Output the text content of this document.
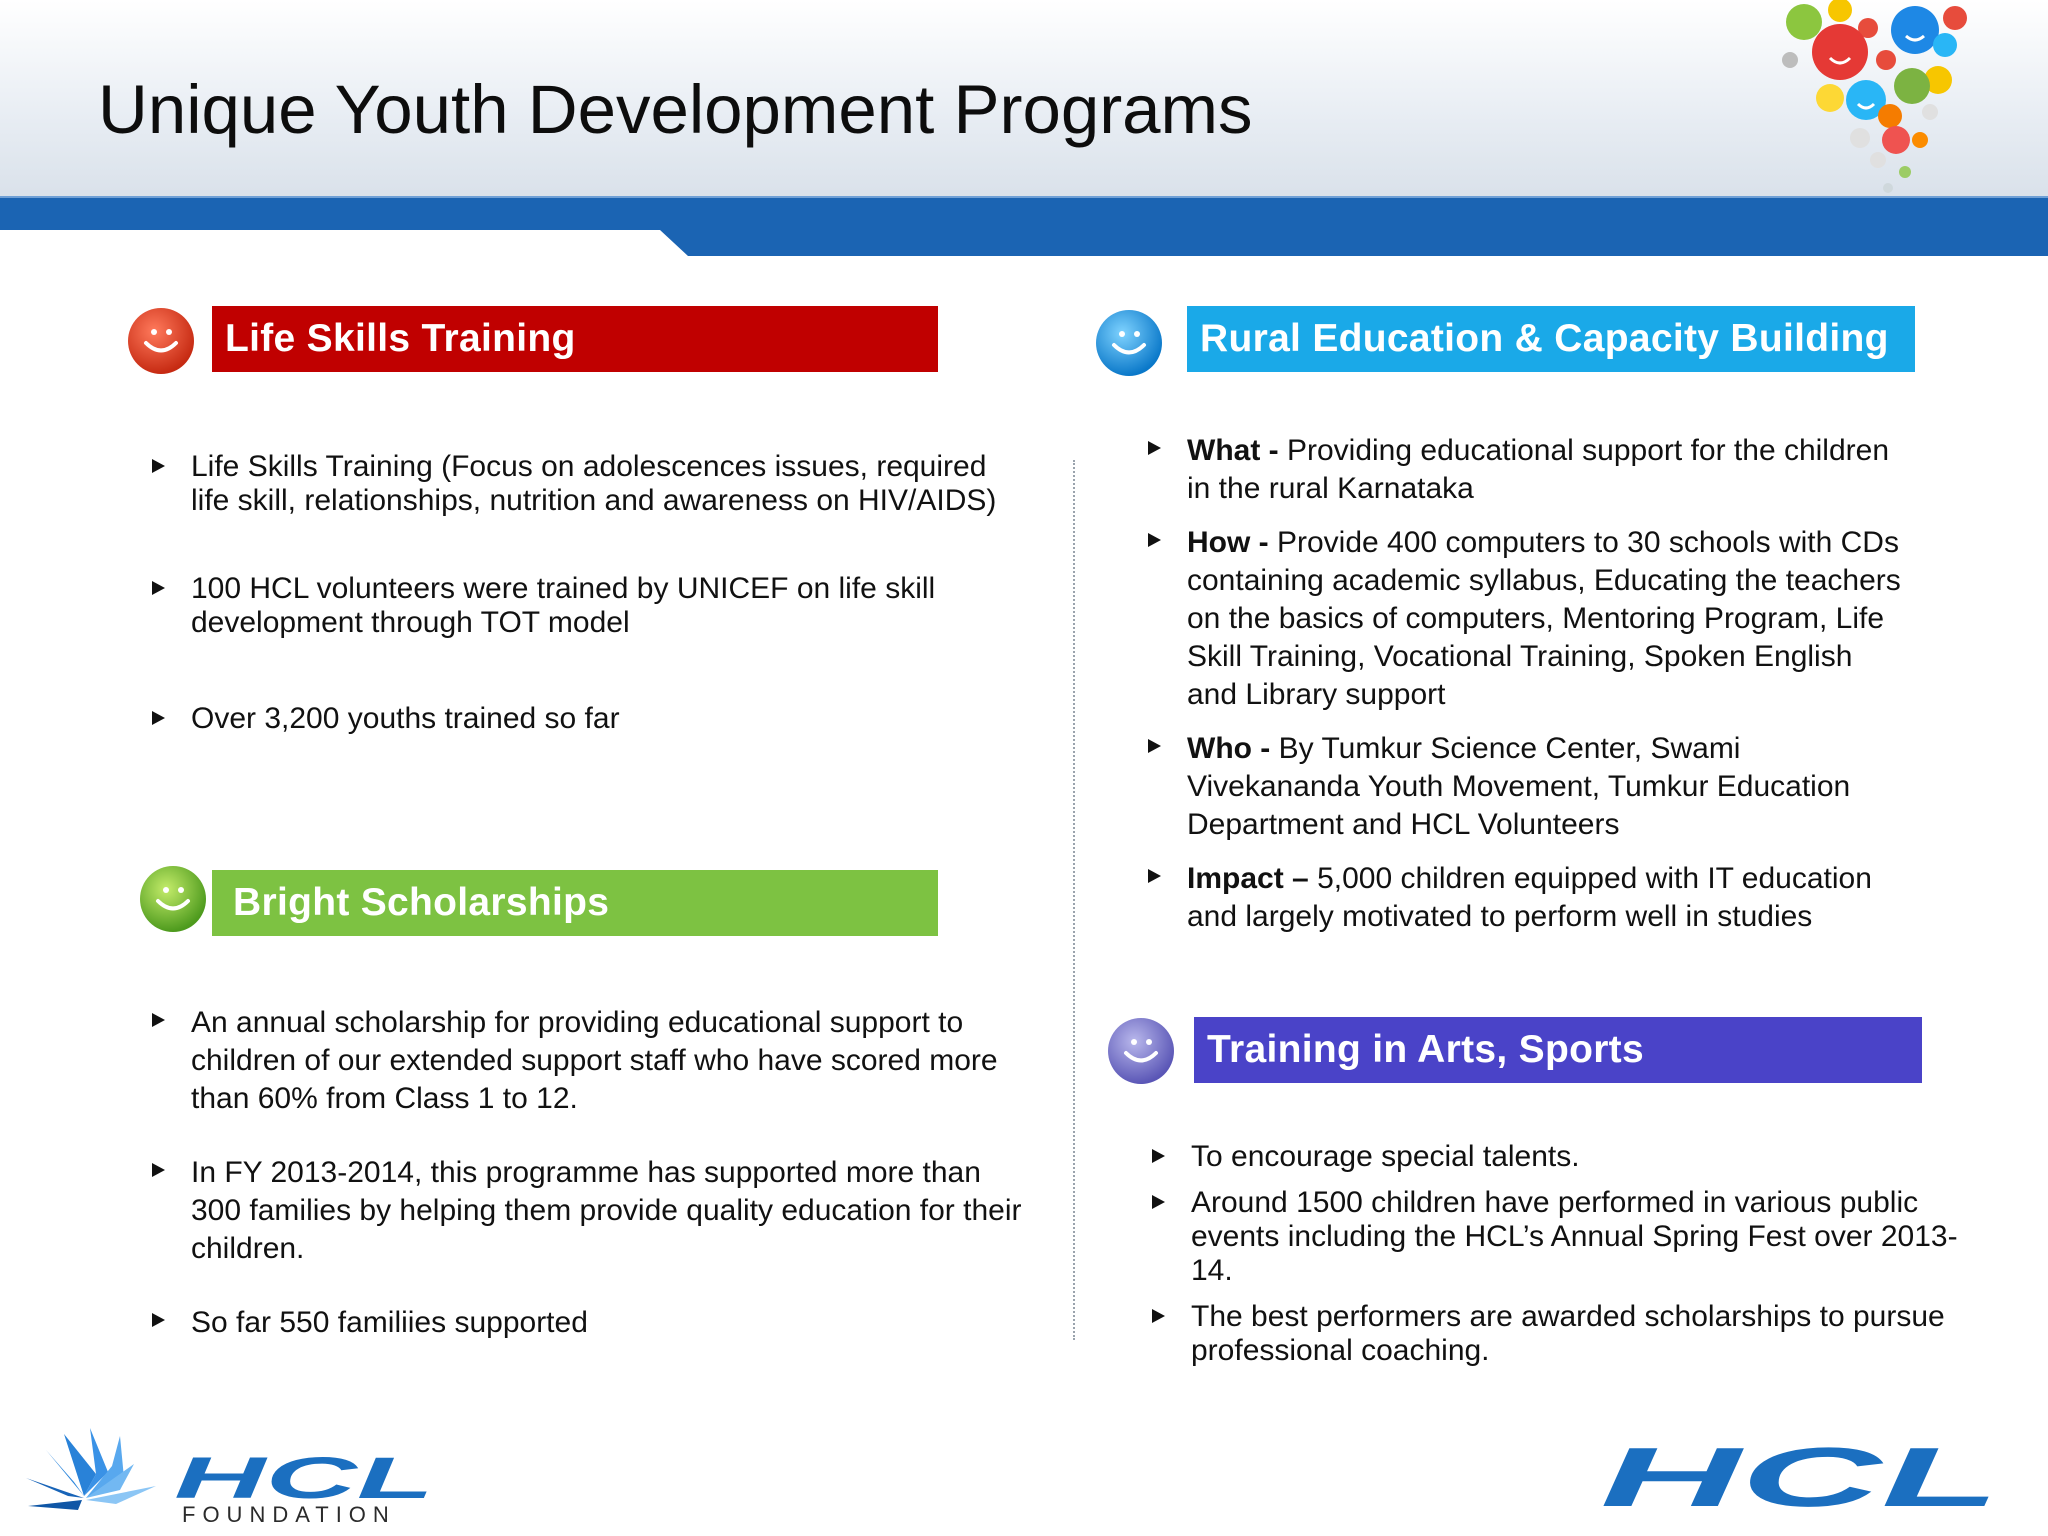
Unique Youth Development Programs
Life Skills Training
Life Skills Training (Focus on adolescences issues, required life skill, relationships, nutrition and awareness on HIV/AIDS)
100 HCL volunteers were trained by UNICEF on life skill development through TOT model
Over 3,200 youths trained so far
Bright Scholarships
An annual scholarship for providing educational support to children of our extended support staff who have scored more than 60% from Class 1 to 12.
In FY 2013-2014, this programme has supported more than 300 families by helping them provide quality education for their children.
So far 550 familiies supported
Rural Education & Capacity Building
What - Providing educational support for the children in the rural Karnataka
How - Provide 400 computers to 30 schools with CDs containing academic syllabus, Educating the teachers on the basics of computers, Mentoring Program, Life Skill Training, Vocational Training, Spoken English and Library support
Who - By Tumkur Science Center, Swami Vivekananda Youth Movement, Tumkur Education Department and HCL Volunteers
Impact – 5,000 children equipped with IT education and largely motivated to perform well in studies
Training in Arts, Sports
To encourage special talents.
Around 1500 children have performed in various public events including the HCL’s Annual Spring Fest over 2013-14.
The best performers are awarded scholarships to pursue professional coaching.
HCL
FOUNDATION	HCL
